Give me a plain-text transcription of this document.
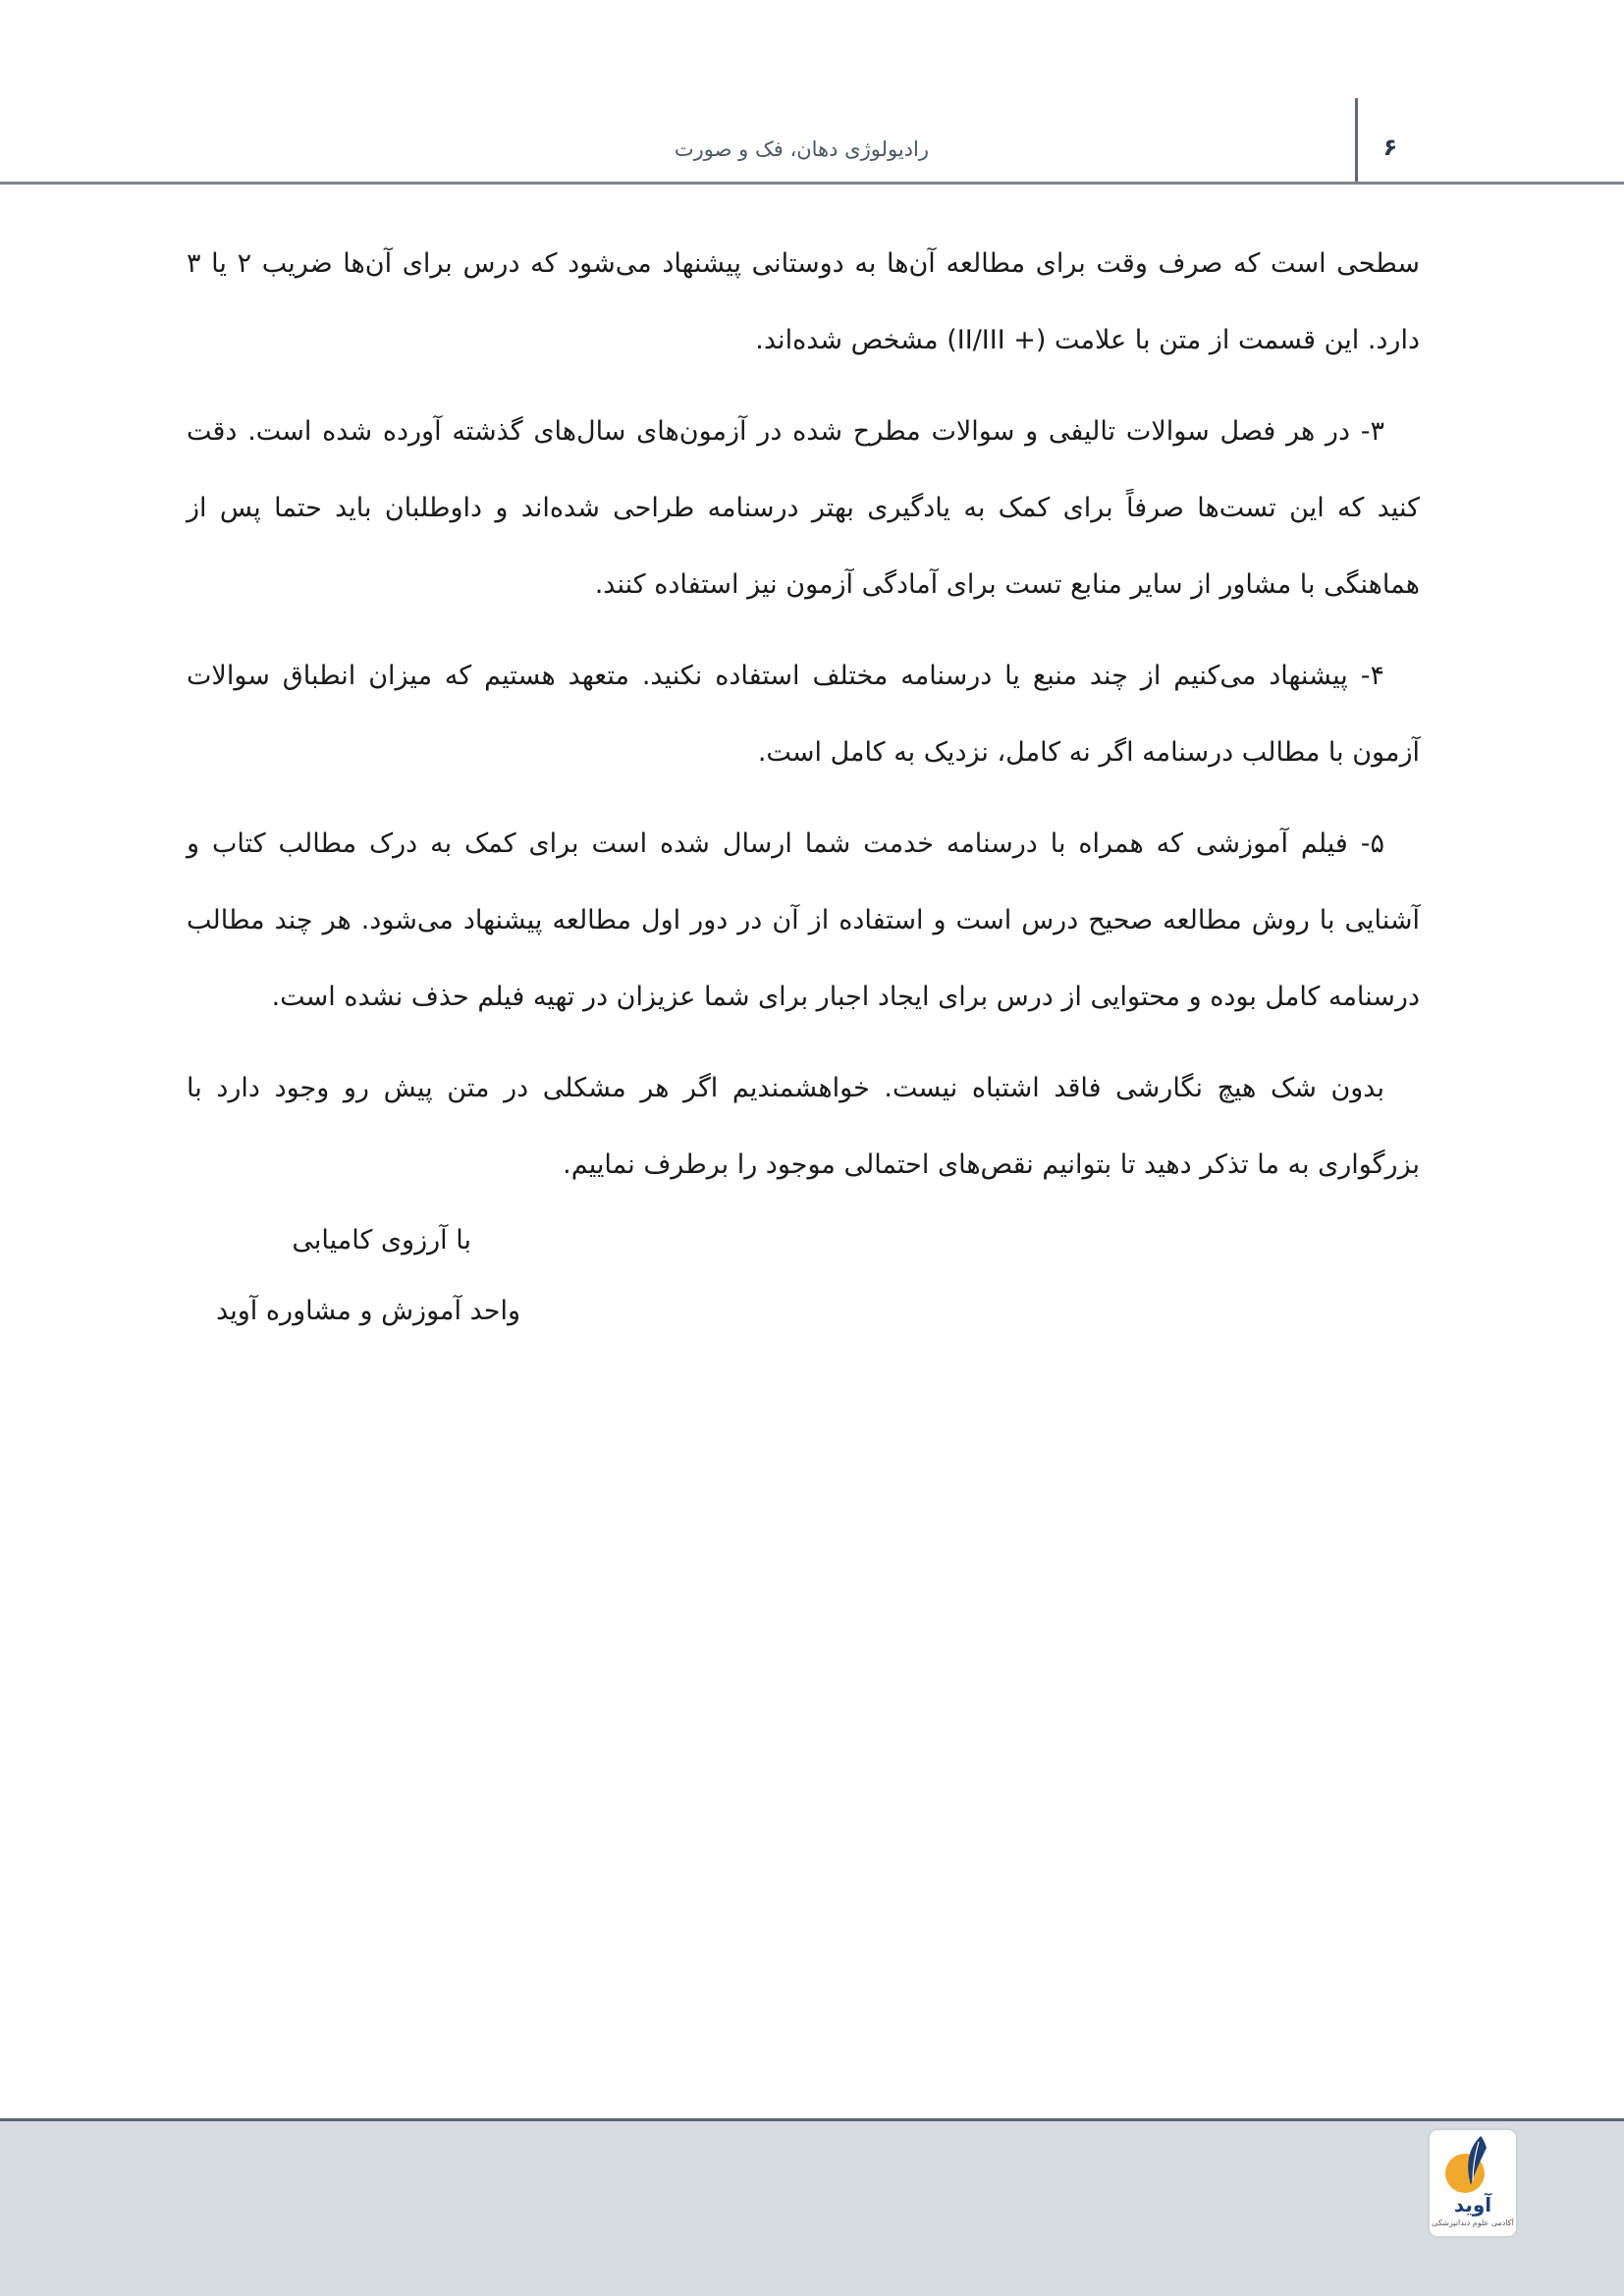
رادیولوژی دهان، فک و صورت	۶

سطحی است که صرف وقت برای مطالعه آن‌ها به دوستانی پیشنهاد می‌شود که درس برای آن‌ها ضریب ۲ یا ۳ دارد. این قسمت از متن با علامت (+ II/III) مشخص شده‌اند.

۳- در هر فصل سوالات تالیفی و سوالات مطرح شده در آزمون‌های سال‌های گذشته آورده شده است. دقت کنید که این تست‌ها صرفاً برای کمک به یادگیری بهتر درسنامه طراحی شده‌اند و داوطلبان باید حتما پس از هماهنگی با مشاور از سایر منابع تست برای آمادگی آزمون نیز استفاده کنند.

۴- پیشنهاد می‌کنیم از چند منبع یا درسنامه مختلف استفاده نکنید. متعهد هستیم که میزان انطباق سوالات آزمون با مطالب درسنامه اگر نه کامل، نزدیک به کامل است.

۵- فیلم آموزشی که همراه با درسنامه خدمت شما ارسال شده است برای کمک به درک مطالب کتاب و آشنایی با روش مطالعه صحیح درس است و استفاده از آن در دور اول مطالعه پیشنهاد می‌شود. هر چند مطالب درسنامه کامل بوده و محتوایی از درس برای ایجاد اجبار برای شما عزیزان در تهیه فیلم حذف نشده است.

بدون شک هیچ نگارشی فاقد اشتباه نیست. خواهشمندیم اگر هر مشکلی در متن پیش رو وجود دارد با بزرگواری به ما تذکر دهید تا بتوانیم نقص‌های احتمالی موجود را برطرف نماییم.

با آرزوی کامیابی
واحد آموزش و مشاوره آوید
آوید
آکادمی علوم دندانپزشکی
